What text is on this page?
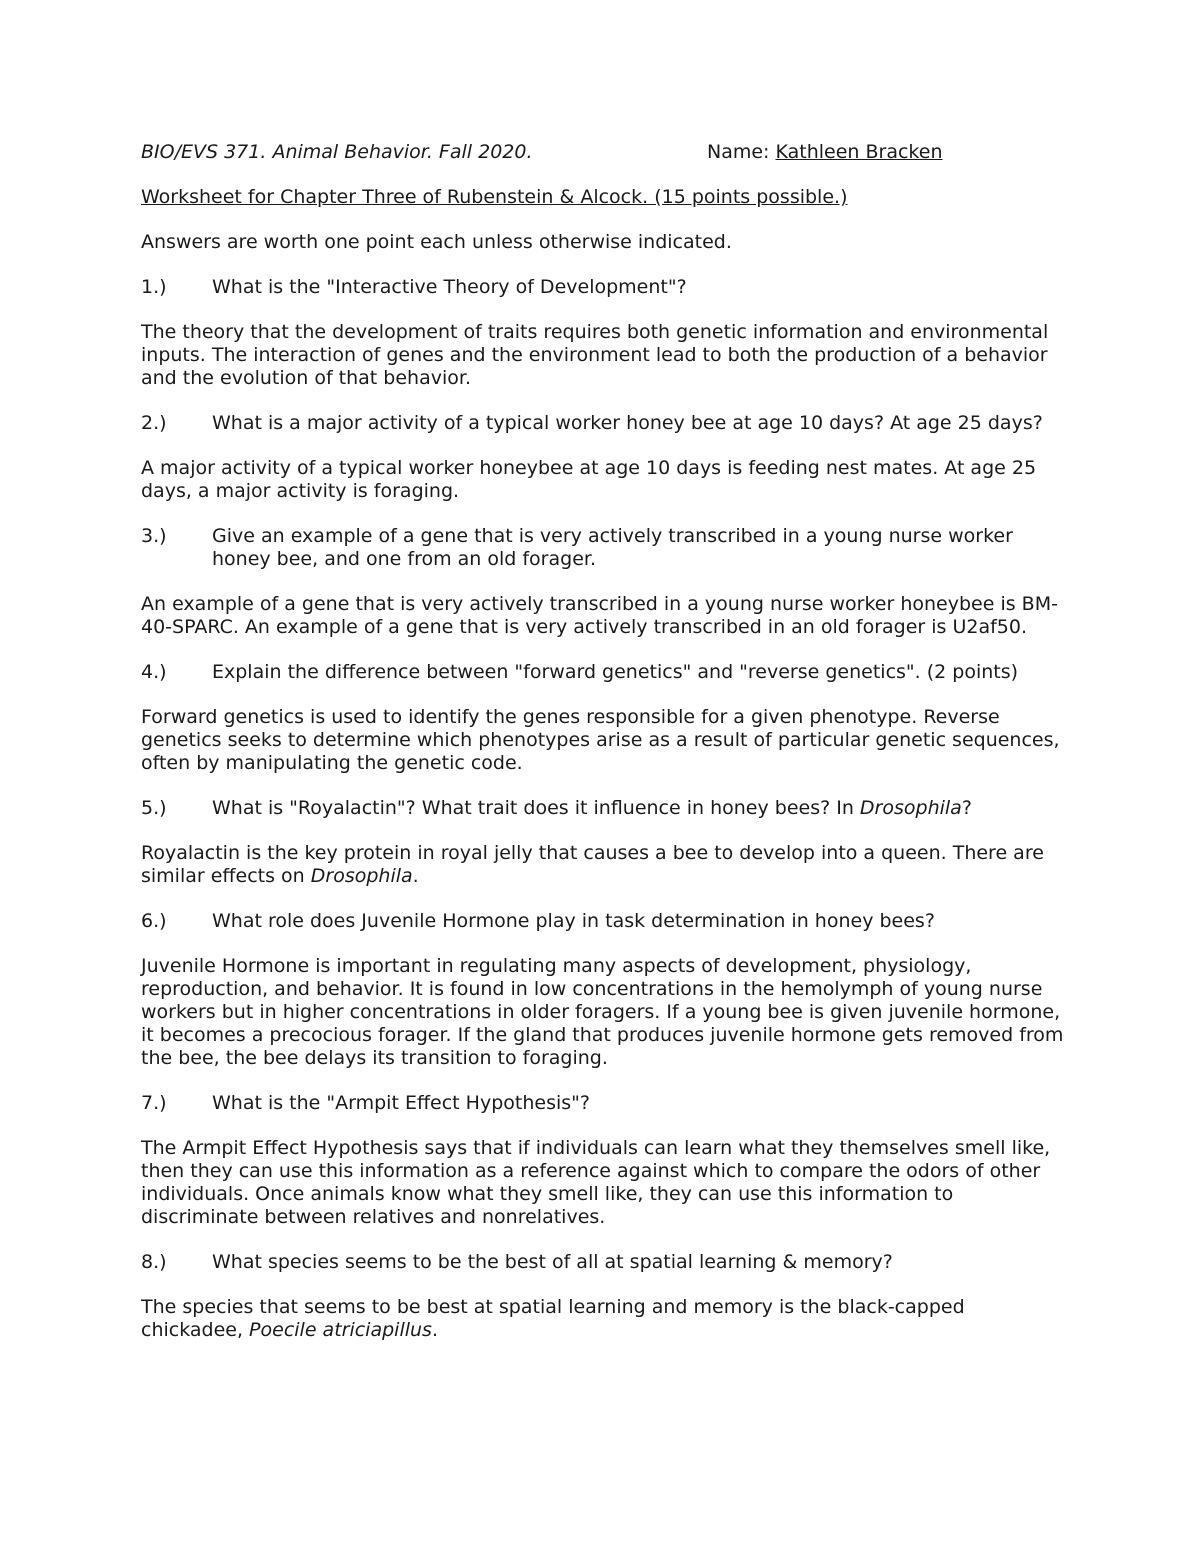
BIO/EVS 371. Animal Behavior. Fall 2020.	Name: Kathleen Bracken

Worksheet for Chapter Three of Rubenstein & Alcock. (15 points possible.)

Answers are worth one point each unless otherwise indicated.

1.)	What is the "Interactive Theory of Development"?

The theory that the development of traits requires both genetic information and environmental inputs. The interaction of genes and the environment lead to both the production of a behavior and the evolution of that behavior.

2.) What is a major activity of a typical worker honey bee at age 10 days? At age 25 days?

A major activity of a typical worker honeybee at age 10 days is feeding nest mates. At age 25 days, a major activity is foraging.

3.)	Give an example of a gene that is very actively transcribed in a young nurse worker honey bee, and one from an old forager.

An example of a gene that is very actively transcribed in a young nurse worker honeybee is BM-40-SPARC. An example of a gene that is very actively transcribed in an old forager is U2af50.

4.)	Explain the difference between "forward genetics" and "reverse genetics". (2 points)

Forward genetics is used to identify the genes responsible for a given phenotype. Reverse genetics seeks to determine which phenotypes arise as a result of particular genetic sequences, often by manipulating the genetic code.

5.)	What is "Royalactin"? What trait does it influence in honey bees? In Drosophila?

Royalactin is the key protein in royal jelly that causes a bee to develop into a queen. There are similar effects on Drosophila.

6.)	What role does Juvenile Hormone play in task determination in honey bees?

Juvenile Hormone is important in regulating many aspects of development, physiology, reproduction, and behavior. It is found in low concentrations in the hemolymph of young nurse workers but in higher concentrations in older foragers. If a young bee is given juvenile hormone, it becomes a precocious forager. If the gland that produces juvenile hormone gets removed from the bee, the bee delays its transition to foraging.

7.)	What is the "Armpit Effect Hypothesis"?

The Armpit Effect Hypothesis says that if individuals can learn what they themselves smell like, then they can use this information as a reference against which to compare the odors of other individuals. Once animals know what they smell like, they can use this information to discriminate between relatives and nonrelatives.

8.)	What species seems to be the best of all at spatial learning & memory?

The species that seems to be best at spatial learning and memory is the black-capped chickadee, Poecile atriciapillus.
